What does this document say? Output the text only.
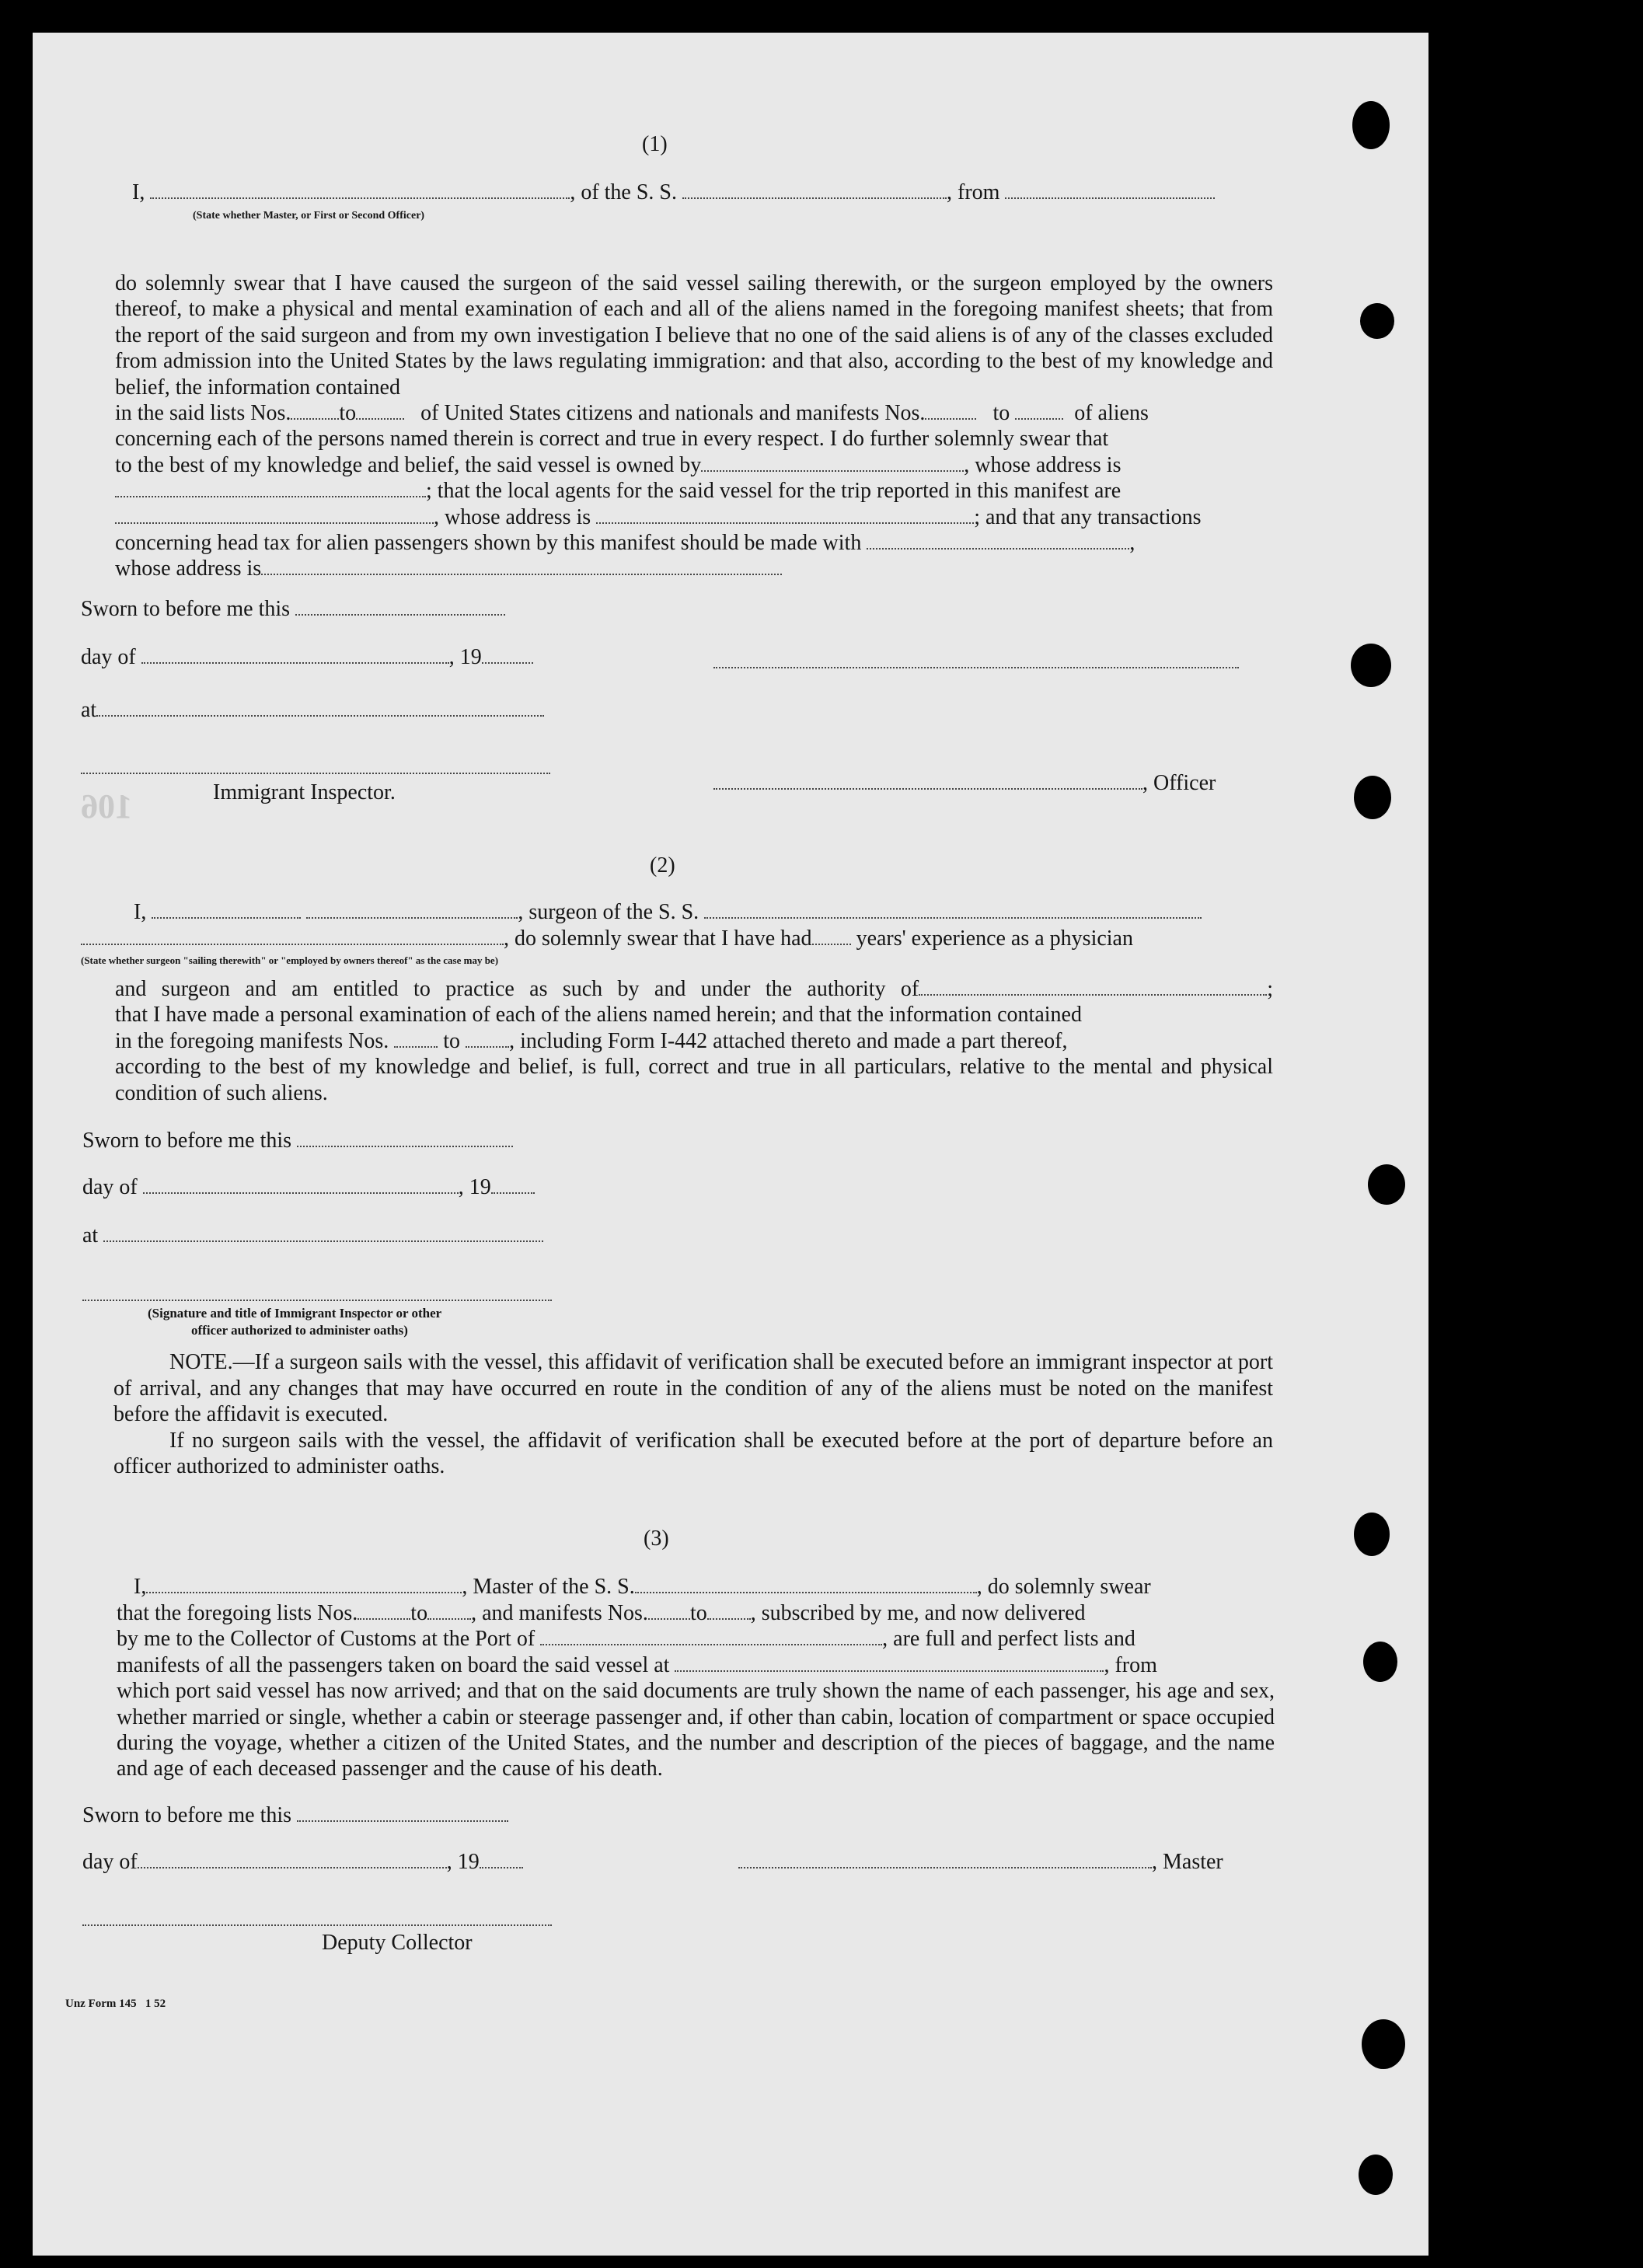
106
(1)
I,	, of the S. S.	, from
(State whether Master, or First or Second Officer)

do solemnly swear that I have caused the surgeon of the said vessel sailing therewith, or the surgeon employed by the owners thereof, to make a physical and mental examination of each and all of the aliens named in the foregoing manifest sheets; that from the report of the said surgeon and from my own investigation I believe that no one of the said aliens is of any of the classes excluded from admission into the United States by the laws regulating immigration: and that also, according to the best of my knowledge and belief, the information contained

in the said lists Nos. to	of United States citizens and nationals and manifests Nos.	to	of aliens

concerning each of the persons named therein is correct and true in every respect. I do further solemnly swear that

to the best of my knowledge and belief, the said vessel is owned by	, whose address is

; that the local agents for the said vessel for the trip reported in this manifest are

, whose address is	; and that any transactions

concerning head tax for alien passengers shown by this manifest should be made with	,

whose address is

Sworn to before me this
day of	, 19
at
Immigrant Inspector.	, Officer
(2)
I,	, surgeon of the S. S.
, do solemnly swear that I have had years' experience as a physician
(State whether surgeon "sailing therewith" or "employed by owners thereof" as the case may be)

and surgeon and am entitled to practice as such by and under the authority of	;

that I have made a personal examination of each of the aliens named herein; and that the information contained

in the foregoing manifests Nos.	to , including Form I-442 attached thereto and made a part thereof,

according to the best of my knowledge and belief, is full, correct and true in all particulars, relative to the mental and physical condition of such aliens.

Sworn to before me this
day of	, 19
at
(Signature and title of Immigrant Inspector or other
officer authorized to administer oaths)

NOTE.—If a surgeon sails with the vessel, this affidavit of verification shall be executed before an immigrant inspector at port of arrival, and any changes that may have occurred en route in the condition of any of the aliens must be noted on the manifest before the affidavit is executed.

If no surgeon sails with the vessel, the affidavit of verification shall be executed before at the port of departure before an officer authorized to administer oaths.

(3)
I,	, Master of the S. S.	, do solemnly swear

that the foregoing lists Nos. to , and manifests Nos. to , subscribed by me, and now delivered

by me to the Collector of Customs at the Port of	, are full and perfect lists and

manifests of all the passengers taken on board the said vessel at	, from

which port said vessel has now arrived; and that on the said documents are truly shown the name of each passenger, his age and sex, whether married or single, whether a cabin or steerage passenger and, if other than cabin, location of compartment or space occupied during the voyage, whether a citizen of the United States, and the number and description of the pieces of baggage, and the name and age of each deceased passenger and the cause of his death.

Sworn to before me this
day of	, 19	, Master
Deputy Collector
Unz Form 145   1 52
